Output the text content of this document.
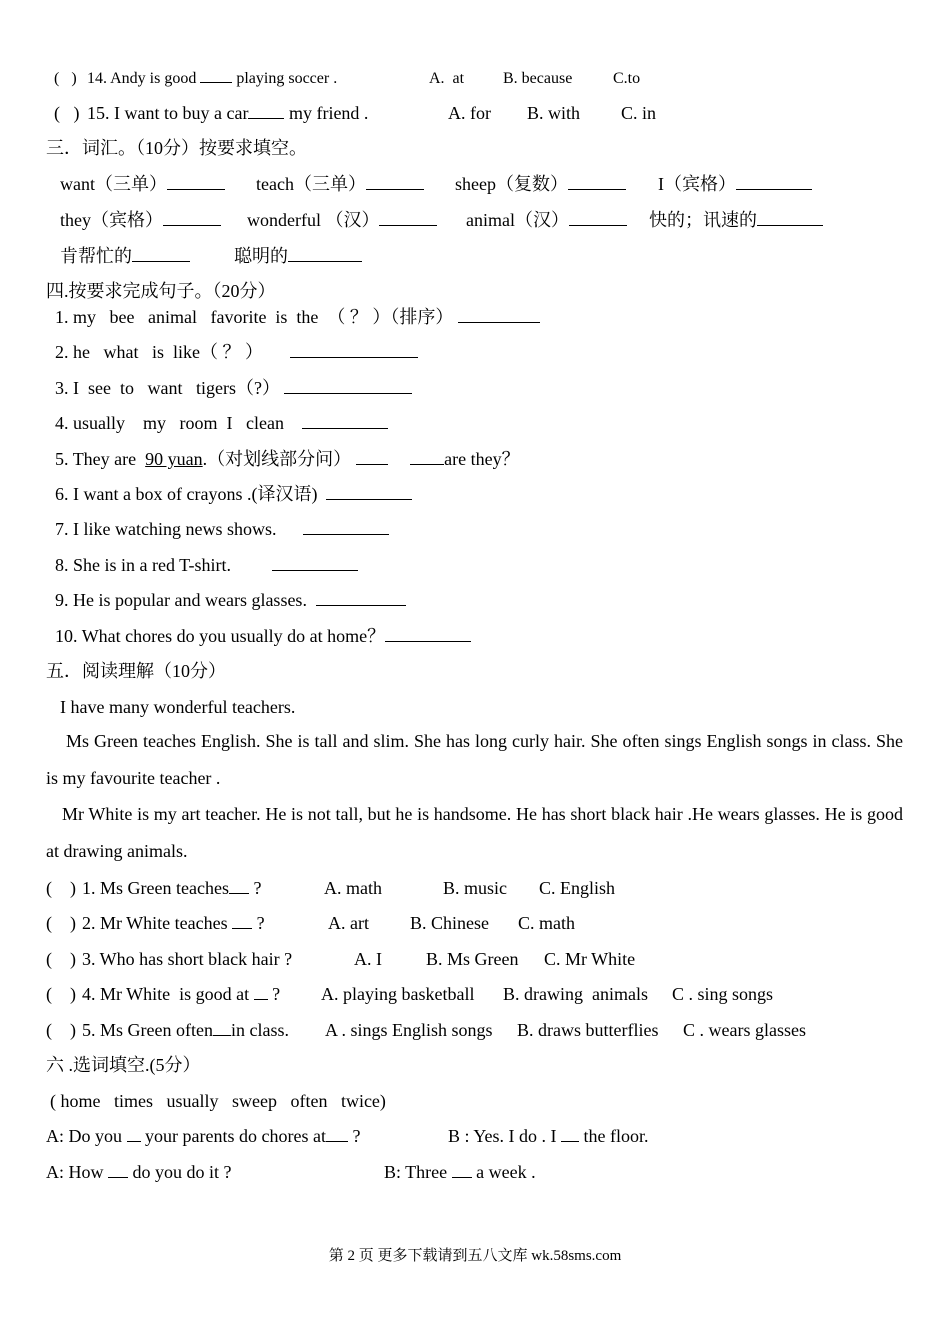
(   ) 14. Andy is good  playing soccer .	A.  at B. because	C.to
(   ) 15. I want to buy a car my friend .	A. for B. with C. in
三．词汇。（10分）按要求填空。
want（三单）	teach（三单）	sheep（复数）	I（宾格）
they（宾格）	wonderful （汉）	animal（汉）	快的；讯速的
肯帮忙的	聪明的
四.按要求完成句子。（20分）
1. my   bee   animal   favorite  is  the  （ ？ ）（排序）
2. he   what   is  like（ ？ ）
3. I  see  to   want   tigers（?）
4. usually    my   room  I   clean
5. They are  90 yuan.（对划线部分问）	are they？
6. I want a box of crayons .(译汉语)
7. I like watching news shows.
8. She is in a red T-shirt.
9. He is popular and wears glasses.
10. What chores do you usually do at home？
五．阅读理解（10分）
I have many wonderful teachers.
Ms Green teaches English. She is tall and slim. She has long curly hair. She often sings English songs in class. She is my favourite teacher .
Mr White is my art teacher. He is not tall, but he is handsome. He has short black hair .He wears glasses. He is good at drawing animals.
(    ) 1. Ms Green teaches ?	A. math	B. music C. English
(    ) 2. Mr White teaches  ?	A. art B. Chinese C. math
(    ) 3. Who has short black hair ?	A. I B. Ms Green C. Mr White
(    ) 4. Mr White  is good at  ? A. playing basketball B. drawing  animals C . sing songs
(    ) 5. Ms Green often in class. A . sings English songs B. draws butterflies C . wears glasses
六 .选词填空.(5分）
( home   times   usually   sweep   often   twice)
A: Do you  your parents do chores at ?	B : Yes. I do . I  the floor.
A: How  do you do it ?	B: Three  a week .
第 2 页 更多下载请到五八文库 wk.58sms.com
